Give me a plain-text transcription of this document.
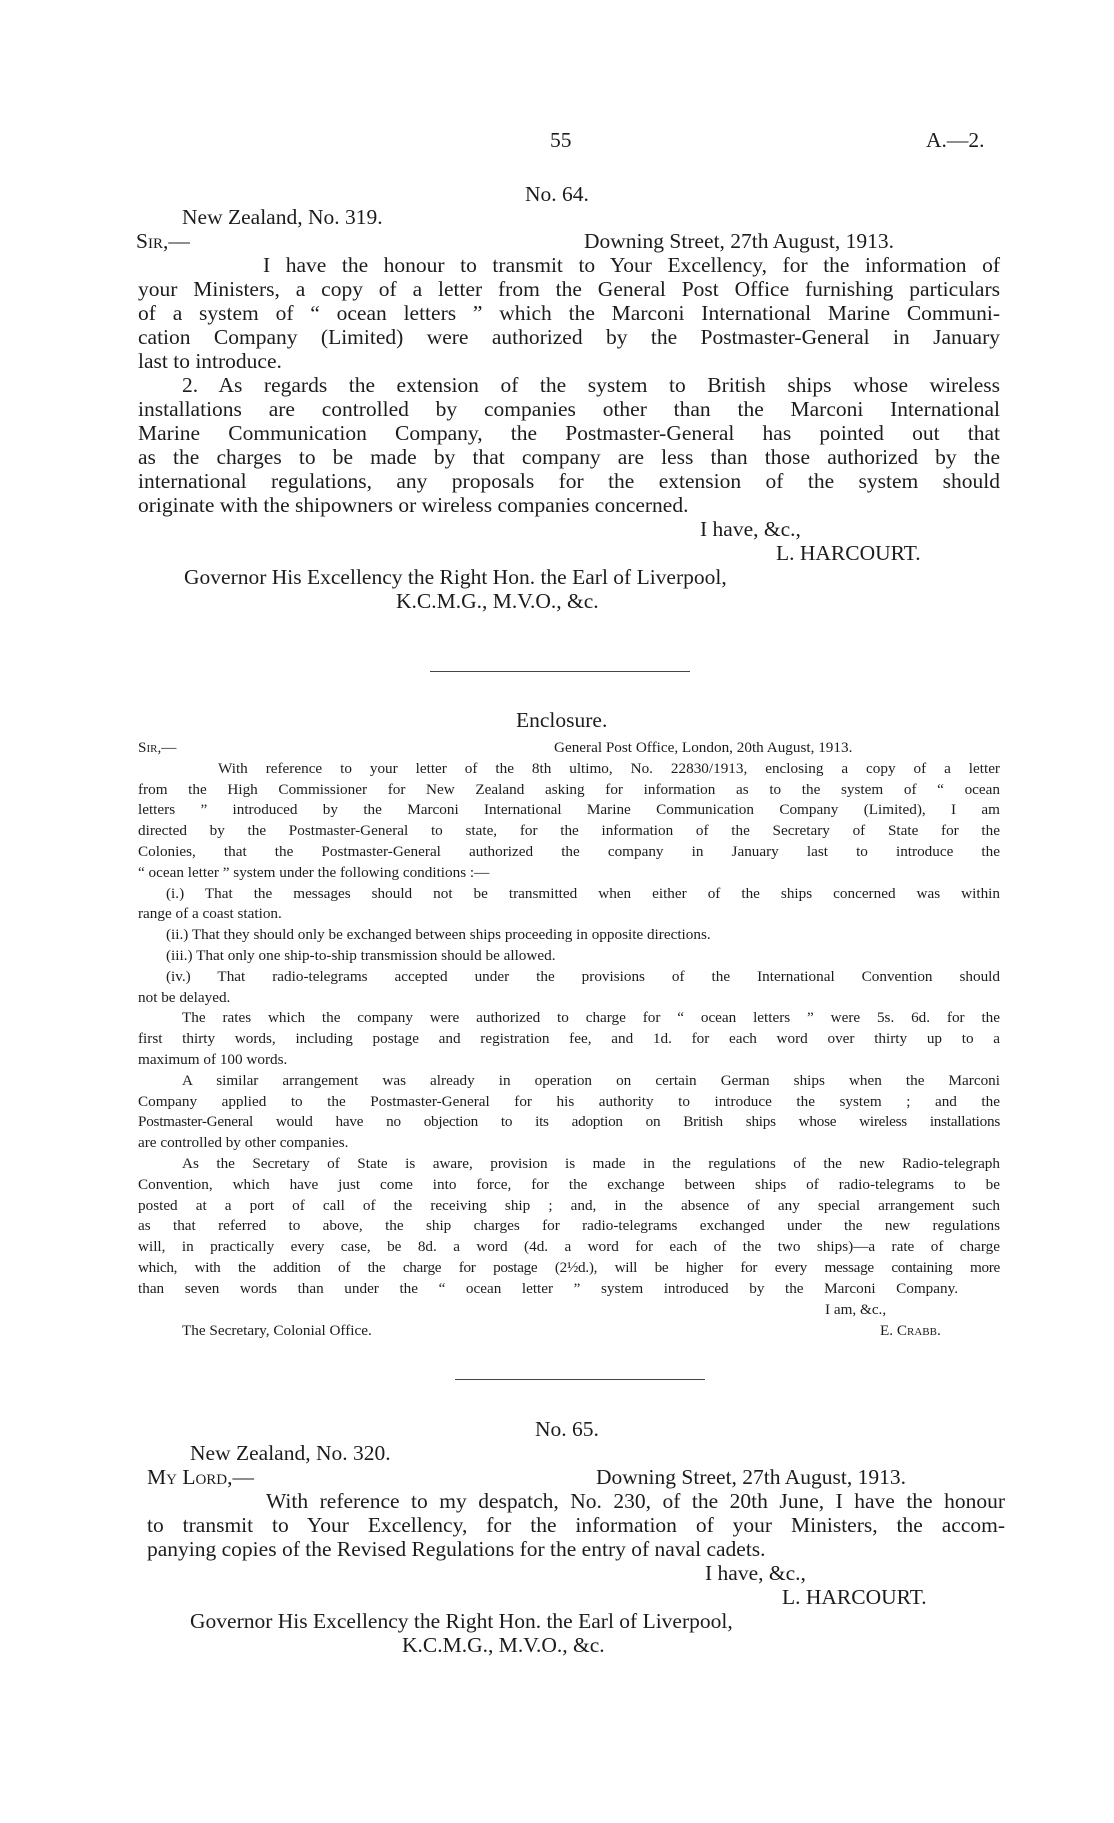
55	A.—2.
No. 64.
New Zealand, No. 319.
Sir,—	Downing Street, 27th August, 1913.
I have the honour to transmit to Your Excellency, for the information of
your Ministers, a copy of a letter from the General Post Office furnishing particulars
of a system of “ ocean letters ” which the Marconi International Marine Communi-
cation Company (Limited) were authorized by the Postmaster-General in January
last to introduce.
2. As regards the extension of the system to British ships whose wireless
installations are controlled by companies other than the Marconi International
Marine Communication Company, the Postmaster-General has pointed out that
as the charges to be made by that company are less than those authorized by the
international regulations, any proposals for the extension of the system should
originate with the shipowners or wireless companies concerned.
I have, &c.,
L. HARCOURT.
Governor His Excellency the Right Hon. the Earl of Liverpool,
K.C.M.G., M.V.O., &c.
Enclosure.
Sir,—	General Post Office, London, 20th August, 1913.
With reference to your letter of the 8th ultimo, No. 22830/1913, enclosing a copy of a letter
from the High Commissioner for New Zealand asking for information as to the system of “ ocean
letters ” introduced by the Marconi International Marine Communication Company (Limited), I am
directed by the Postmaster-General to state, for the information of the Secretary of State for the
Colonies, that the Postmaster-General authorized the company in January last to introduce the
“ ocean letter ” system under the following conditions :—
(i.) That the messages should not be transmitted when either of the ships concerned was within
range of a coast station.
(ii.) That they should only be exchanged between ships proceeding in opposite directions.
(iii.) That only one ship-to-ship transmission should be allowed.
(iv.) That radio-telegrams accepted under the provisions of the International Convention should
not be delayed.
The rates which the company were authorized to charge for “ ocean letters ” were 5s. 6d. for the
first thirty words, including postage and registration fee, and 1d. for each word over thirty up to a
maximum of 100 words.
A similar arrangement was already in operation on certain German ships when the Marconi
Company applied to the Postmaster-General for his authority to introduce the system ; and the
Postmaster-General would have no objection to its adoption on British ships whose wireless installations
are controlled by other companies.
As the Secretary of State is aware, provision is made in the regulations of the new Radio-telegraph
Convention, which have just come into force, for the exchange between ships of radio-telegrams to be
posted at a port of call of the receiving ship ; and, in the absence of any special arrangement such
as that referred to above, the ship charges for radio-telegrams exchanged under the new regulations
will, in practically every case, be 8d. a word (4d. a word for each of the two ships)—a rate of charge
which, with the addition of the charge for postage (2½d.), will be higher for every message containing more
than seven words than under the “ ocean letter ” system introduced by the Marconi Company.
I am, &c.,
The Secretary, Colonial Office.	E. Crabb.
No. 65.
New Zealand, No. 320.
My Lord,—	Downing Street, 27th August, 1913.
With reference to my despatch, No. 230, of the 20th June, I have the honour
to transmit to Your Excellency, for the information of your Ministers, the accom-
panying copies of the Revised Regulations for the entry of naval cadets.
I have, &c.,
L. HARCOURT.
Governor His Excellency the Right Hon. the Earl of Liverpool,
K.C.M.G., M.V.O., &c.
